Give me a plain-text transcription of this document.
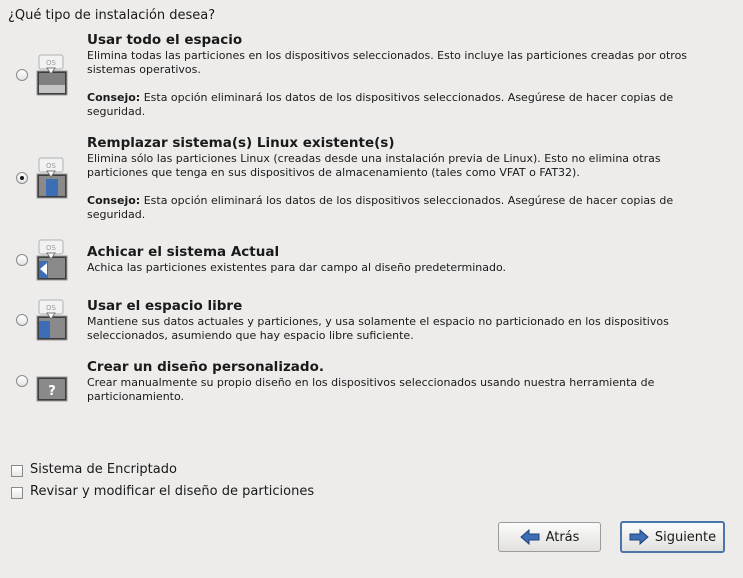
¿Qué tipo de instalación desea?
OS
Usar todo el espacio
Elimina todas las particiones en los dispositivos seleccionados. Esto incluye las particiones creadas por otros sistemas operativos.
Consejo: Esta opción eliminará los datos de los dispositivos seleccionados. Asegúrese de hacer copias de seguridad.
OS
Remplazar sistema(s) Linux existente(s)
Elimina sólo las particiones Linux (creadas desde una instalación previa de Linux). Esto no elimina otras particiones que tenga en sus dispositivos de almacenamiento (tales como VFAT o FAT32).
Consejo: Esta opción eliminará los datos de los dispositivos seleccionados. Asegúrese de hacer copias de seguridad.
OS Achicar el sistema Actual
Achica las particiones existentes para dar campo al diseño predeterminado.
OS Usar el espacio libre
Mantiene sus datos actuales y particiones, y usa solamente el espacio no particionado en los dispositivos seleccionados, asumiendo que hay espacio libre suficiente.
?
Crear un diseño personalizado.
Crear manualmente su propio diseño en los dispositivos seleccionados usando nuestra herramienta de particionamiento.
Sistema de Encriptado
Revisar y modificar el diseño de particiones
Atrás	Siguiente
